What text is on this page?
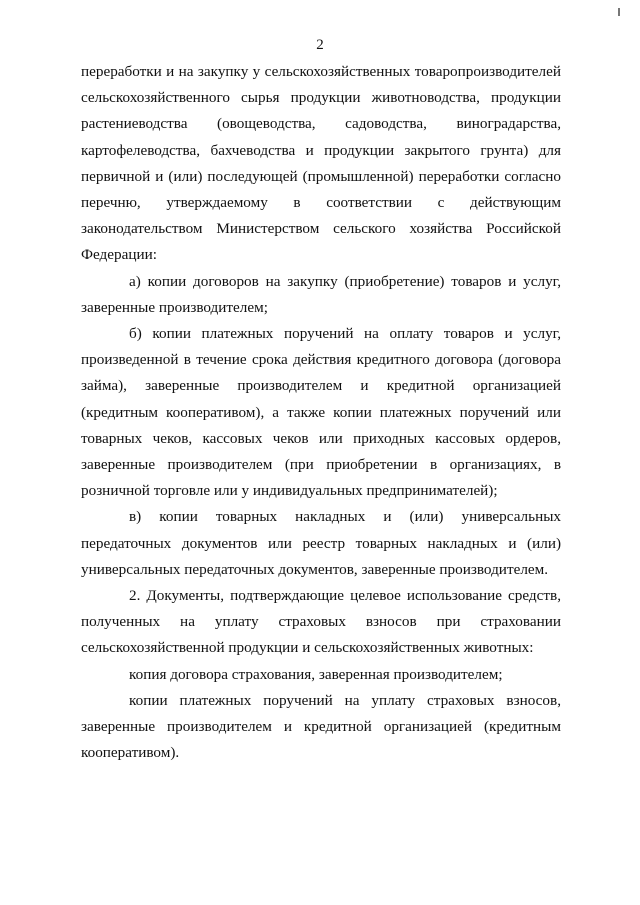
2

переработки и на закупку у сельскохозяйственных товаропроизводителей сельскохозяйственного сырья продукции животноводства, продукции растениеводства (овощеводства, садоводства, виноградарства, картофелеводства, бахчеводства и продукции закрытого грунта) для первичной и (или) последующей (промышленной) переработки согласно перечню, утверждаемому в соответствии с действующим законодательством Министерством сельского хозяйства Российской Федерации:

а) копии договоров на закупку (приобретение) товаров и услуг, заверенные производителем;

б) копии платежных поручений на оплату товаров и услуг, произведенной в течение срока действия кредитного договора (договора займа), заверенные производителем и кредитной организацией (кредитным кооперативом), а также копии платежных поручений или товарных чеков, кассовых чеков или приходных кассовых ордеров, заверенные производителем (при приобретении в организациях, в розничной торговле или у индивидуальных предпринимателей);

в) копии товарных накладных и (или) универсальных передаточных документов или реестр товарных накладных и (или) универсальных передаточных документов, заверенные производителем.

2. Документы, подтверждающие целевое использование средств, полученных на уплату страховых взносов при страховании сельскохозяйственной продукции и сельскохозяйственных животных:

копия договора страхования, заверенная производителем;

копии платежных поручений на уплату страховых взносов, заверенные производителем и кредитной организацией (кредитным кооперативом).
